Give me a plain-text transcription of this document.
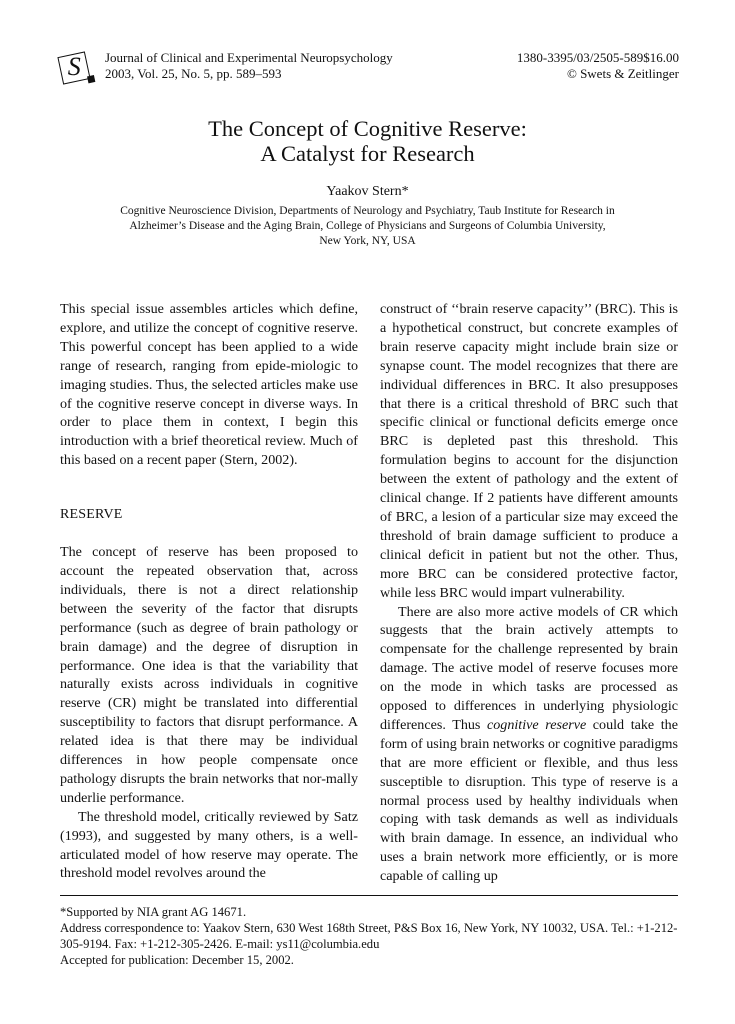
S Journal of Clinical and Experimental Neuropsychology
2003, Vol. 25, No. 5, pp. 589–593
1380-3395/03/2505-589$16.00
© Swets & Zeitlinger
The Concept of Cognitive Reserve:
A Catalyst for Research
Yaakov Stern*
Cognitive Neuroscience Division, Departments of Neurology and Psychiatry, Taub Institute for Research in Alzheimer’s Disease and the Aging Brain, College of Physicians and Surgeons of Columbia University, New York, NY, USA

This special issue assembles articles which define, explore, and utilize the concept of cognitive reserve. This powerful concept has been applied to a wide range of research, ranging from epide-miologic to imaging studies. Thus, the selected articles make use of the cognitive reserve concept in diverse ways. In order to place them in context, I begin this introduction with a brief theoretical review. Much of this based on a recent paper (Stern, 2002).

RESERVE

The concept of reserve has been proposed to account the repeated observation that, across individuals, there is not a direct relationship between the severity of the factor that disrupts performance (such as degree of brain pathology or brain damage) and the degree of disruption in performance. One idea is that the variability that naturally exists across individuals in cognitive reserve (CR) might be translated into differential susceptibility to factors that disrupt performance. A related idea is that there may be individual differences in how people compensate once pathology disrupts the brain networks that nor-mally underlie performance.

The threshold model, critically reviewed by Satz (1993), and suggested by many others, is a well-articulated model of how reserve may operate. The threshold model revolves around the

construct of ‘‘brain reserve capacity’’ (BRC). This is a hypothetical construct, but concrete examples of brain reserve capacity might include brain size or synapse count. The model recognizes that there are individual differences in BRC. It also presupposes that there is a critical threshold of BRC such that specific clinical or functional deficits emerge once BRC is depleted past this threshold. This formulation begins to account for the disjunction between the extent of pathology and the extent of clinical change. If 2 patients have different amounts of BRC, a lesion of a particular size may exceed the threshold of brain damage sufficient to produce a clinical deficit in patient but not the other. Thus, more BRC can be considered protective factor, while less BRC would impart vulnerability.

There are also more active models of CR which suggests that the brain actively attempts to compensate for the challenge represented by brain damage. The active model of reserve focuses more on the mode in which tasks are processed as opposed to differences in underlying physiologic differences. Thus cognitive reserve could take the form of using brain networks or cognitive paradigms that are more efficient or flexible, and thus less susceptible to disruption. This type of reserve is a normal process used by healthy individuals when coping with task demands as well as individuals with brain damage. In essence, an individual who uses a brain network more efficiently, or is more capable of calling up

*Supported by NIA grant AG 14671.

Address correspondence to: Yaakov Stern, 630 West 168th Street, P&S Box 16, New York, NY 10032, USA. Tel.: +1-212-305-9194. Fax: +1-212-305-2426. E-mail: ys11@columbia.edu

Accepted for publication: December 15, 2002.
